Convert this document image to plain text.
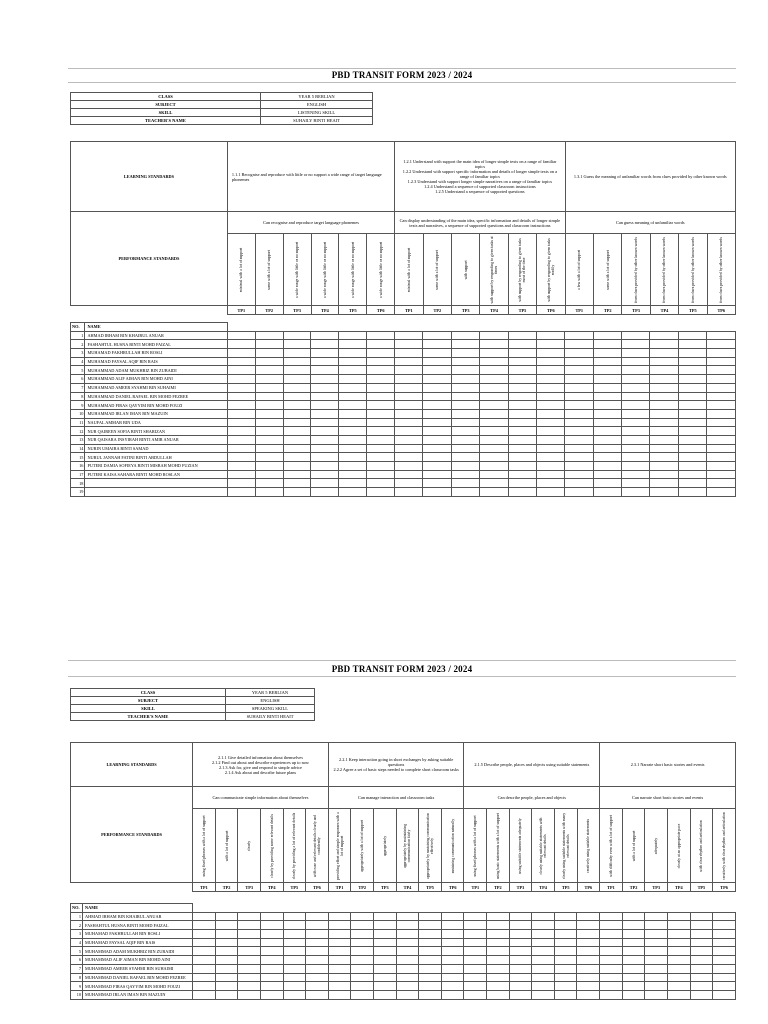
PBD TRANSIT FORM 2023 / 2024
CLASS	YEAR 5 BERLIAN
SUBJECT	ENGLISH
SKILL	LISTENING SKILL
TEACHER'S NAME	SUHAILY BINTI HEAIT
LEARNING STANDARDS	1.1.1 Recognise and reproduce with little or no support a wide range of target language phonemes						1.2.1 Understand with support the main idea of longer simple texts on a range of familiar topics
1.2.2 Understand with support specific information and details of longer simple texts on a range of familiar topics
1.2.3 Understand with support longer simple narratives on a range of familiar topics
1.2.4 Understand a sequence of supported classroom instructions
1.2.5 Understand a sequence of supported questions						1.3.1 Guess the meaning of unfamiliar words from clues provided by other known words					
PERFORMANCE STANDARDS	Can recognise and reproduce target language phonemes						Can display understanding of the main idea, specific information and details of longer simple texts and narratives, a sequence of supported questions and classroom instructions						Can guess meaning of unfamiliar words					

	minimal with a lot of support	some with a lot of support	a wide range with little or no support	a wide range with little or no support	a wide range with little or no support	a wide range with little or no support	minimal with a lot of support	some with a lot of support	with support	with support by responding to given tasks at times	with support by responding to given tasks most of the time	with support by responding to given tasks readily	a few with a lot of support	some with a lot of support	from clues provided by other known words	from clues provided by other known words	from clues provided by other known words	from clues provided by other known words

	TP1	TP2	TP3	TP4	TP5	TP6	TP1	TP2	TP3	TP4	TP5	TP6	TP1	TP2	TP3	TP4	TP5	TP6
NO.	NAME																		
1	AHMAD IRHAM BIN KHAIRUL ANUAR																		
2	FASHAHTUL HUSNA BINTI MOHD FAIZAL																		
3	MUHAMAD FAKHRULLAH BIN ROSLI																		
4	MUHAMAD FAYSAL AQIF BIN RAIS																		
5	MUHAMMAD ADAM MUKHRIZ BIN ZUBAIDI																		
6	MUHAMMAD ALIF AIMAN BIN MOHD AINI																		
7	MUHAMMAD AMEER SYAHMI BIN SUHAIMI																		
8	MUHAMMAD DANIEL RAFAEL BIN MOHD FEZREE																		
9	MUHAMMAD FIRAS QAYYIM BIN MOHD FOUZI																		
10	MUHAMMAD IRLAN IMAN BIN MAZUIN																		
11	NAUFAL AMMAR BIN UDA																		
12	NUR QAIREEN SOFIA BINTI SHARIZAN																		
13	NUR QAISARA INSYIRAH BINTI AMIR ANUAR																		
14	NURIN UMAIRA BINTI SAMAD																		
15	NURUL JANNAH FATINI BINTI ABDULLAH																		
16	PUTERI DAMIA SOFIEYA BINTI MISBAH MOHD FUZIAN																		
17	PUTERI KAISA SAHARA BINTI MOHD ROSLAN																		
18																			
19																			
PBD TRANSIT FORM 2023 / 2024
CLASS	YEAR 5 BERLIAN
SUBJECT	ENGLISH
SKILL	SPEAKING SKILL
TEACHER'S NAME	SUHAILY BINTI HEAIT
LEARNING STANDARDS	2.1.1 Give detailed information about themselves
2.1.2 Find out about and describe experiences up to now
2.1.3 Ask for, give and respond to simple advice
2.1.4 Ask about and describe future plans						2.2.1 Keep interaction going in short exchanges by asking suitable questions
2.2.2 Agree a set of basic steps needed to complete short classroom tasks						2.1.5 Describe people, places and objects using suitable statements						2.3.1 Narrate short basic stories and events					
PERFORMANCE STANDARDS	Can communicate simple information about themselves						Can manage interaction and classroom tasks						Can describe people, places and objects						Can narrate short basic stories and events					

	using fixed phrases with a lot of support	with a lot of support	clearly	clearly by providing some relevant details	clearly by providing a lot of relevant details	with ease and relevant details clearly and confidently	providing effort and simple responses with a lot of support	appropriately with a lot of support	appropriately	appropriately by maintaining communication fairly	appropriately by sustaining communication effectively	sustaining communication naturally	using fixed phrases with a lot of support	using basic statements with a lot of support	using suitable statements adequately	clearly using suitable statements with relevant details	clearly using suitable statements with many relevant details	creatively using suitable statements	with difficulty even with a lot of support	with a lot of support	adequately	clearly at an appropriate pace	with clear rhythm and articulation	creatively with clear rhythm and articulation

	TP1	TP2	TP3	TP4	TP5	TP6	TP1	TP2	TP3	TP4	TP5	TP6	TP1	TP2	TP3	TP4	TP5	TP6	TP1	TP2	TP3	TP4	TP5	TP6
NO.	NAME																								
1	AHMAD IRHAM BIN KHAIRUL ANUAR																								
2	FASHAHTUL HUSNA BINTI MOHD FAIZAL																								
3	MUHAMAD FAKHRULLAH BIN ROSLI																								
4	MUHAMAD FAYSAL AQIF BIN RAIS																								
5	MUHAMMAD ADAM MUKHRIZ BIN ZUBAIDI																								
6	MUHAMMAD ALIF AIMAN BIN MOHD AINI																								
7	MUHAMMAD AMEER SYAHMI BIN SUHAIMI																								
8	MUHAMMAD DANIEL RAFAEL BIN MOHD FEZREE																								
9	MUHAMMAD FIRAS QAYYIM BIN MOHD FOUZI																								
10	MUHAMMAD IRLAN IMAN BIN MAZUIN																								
